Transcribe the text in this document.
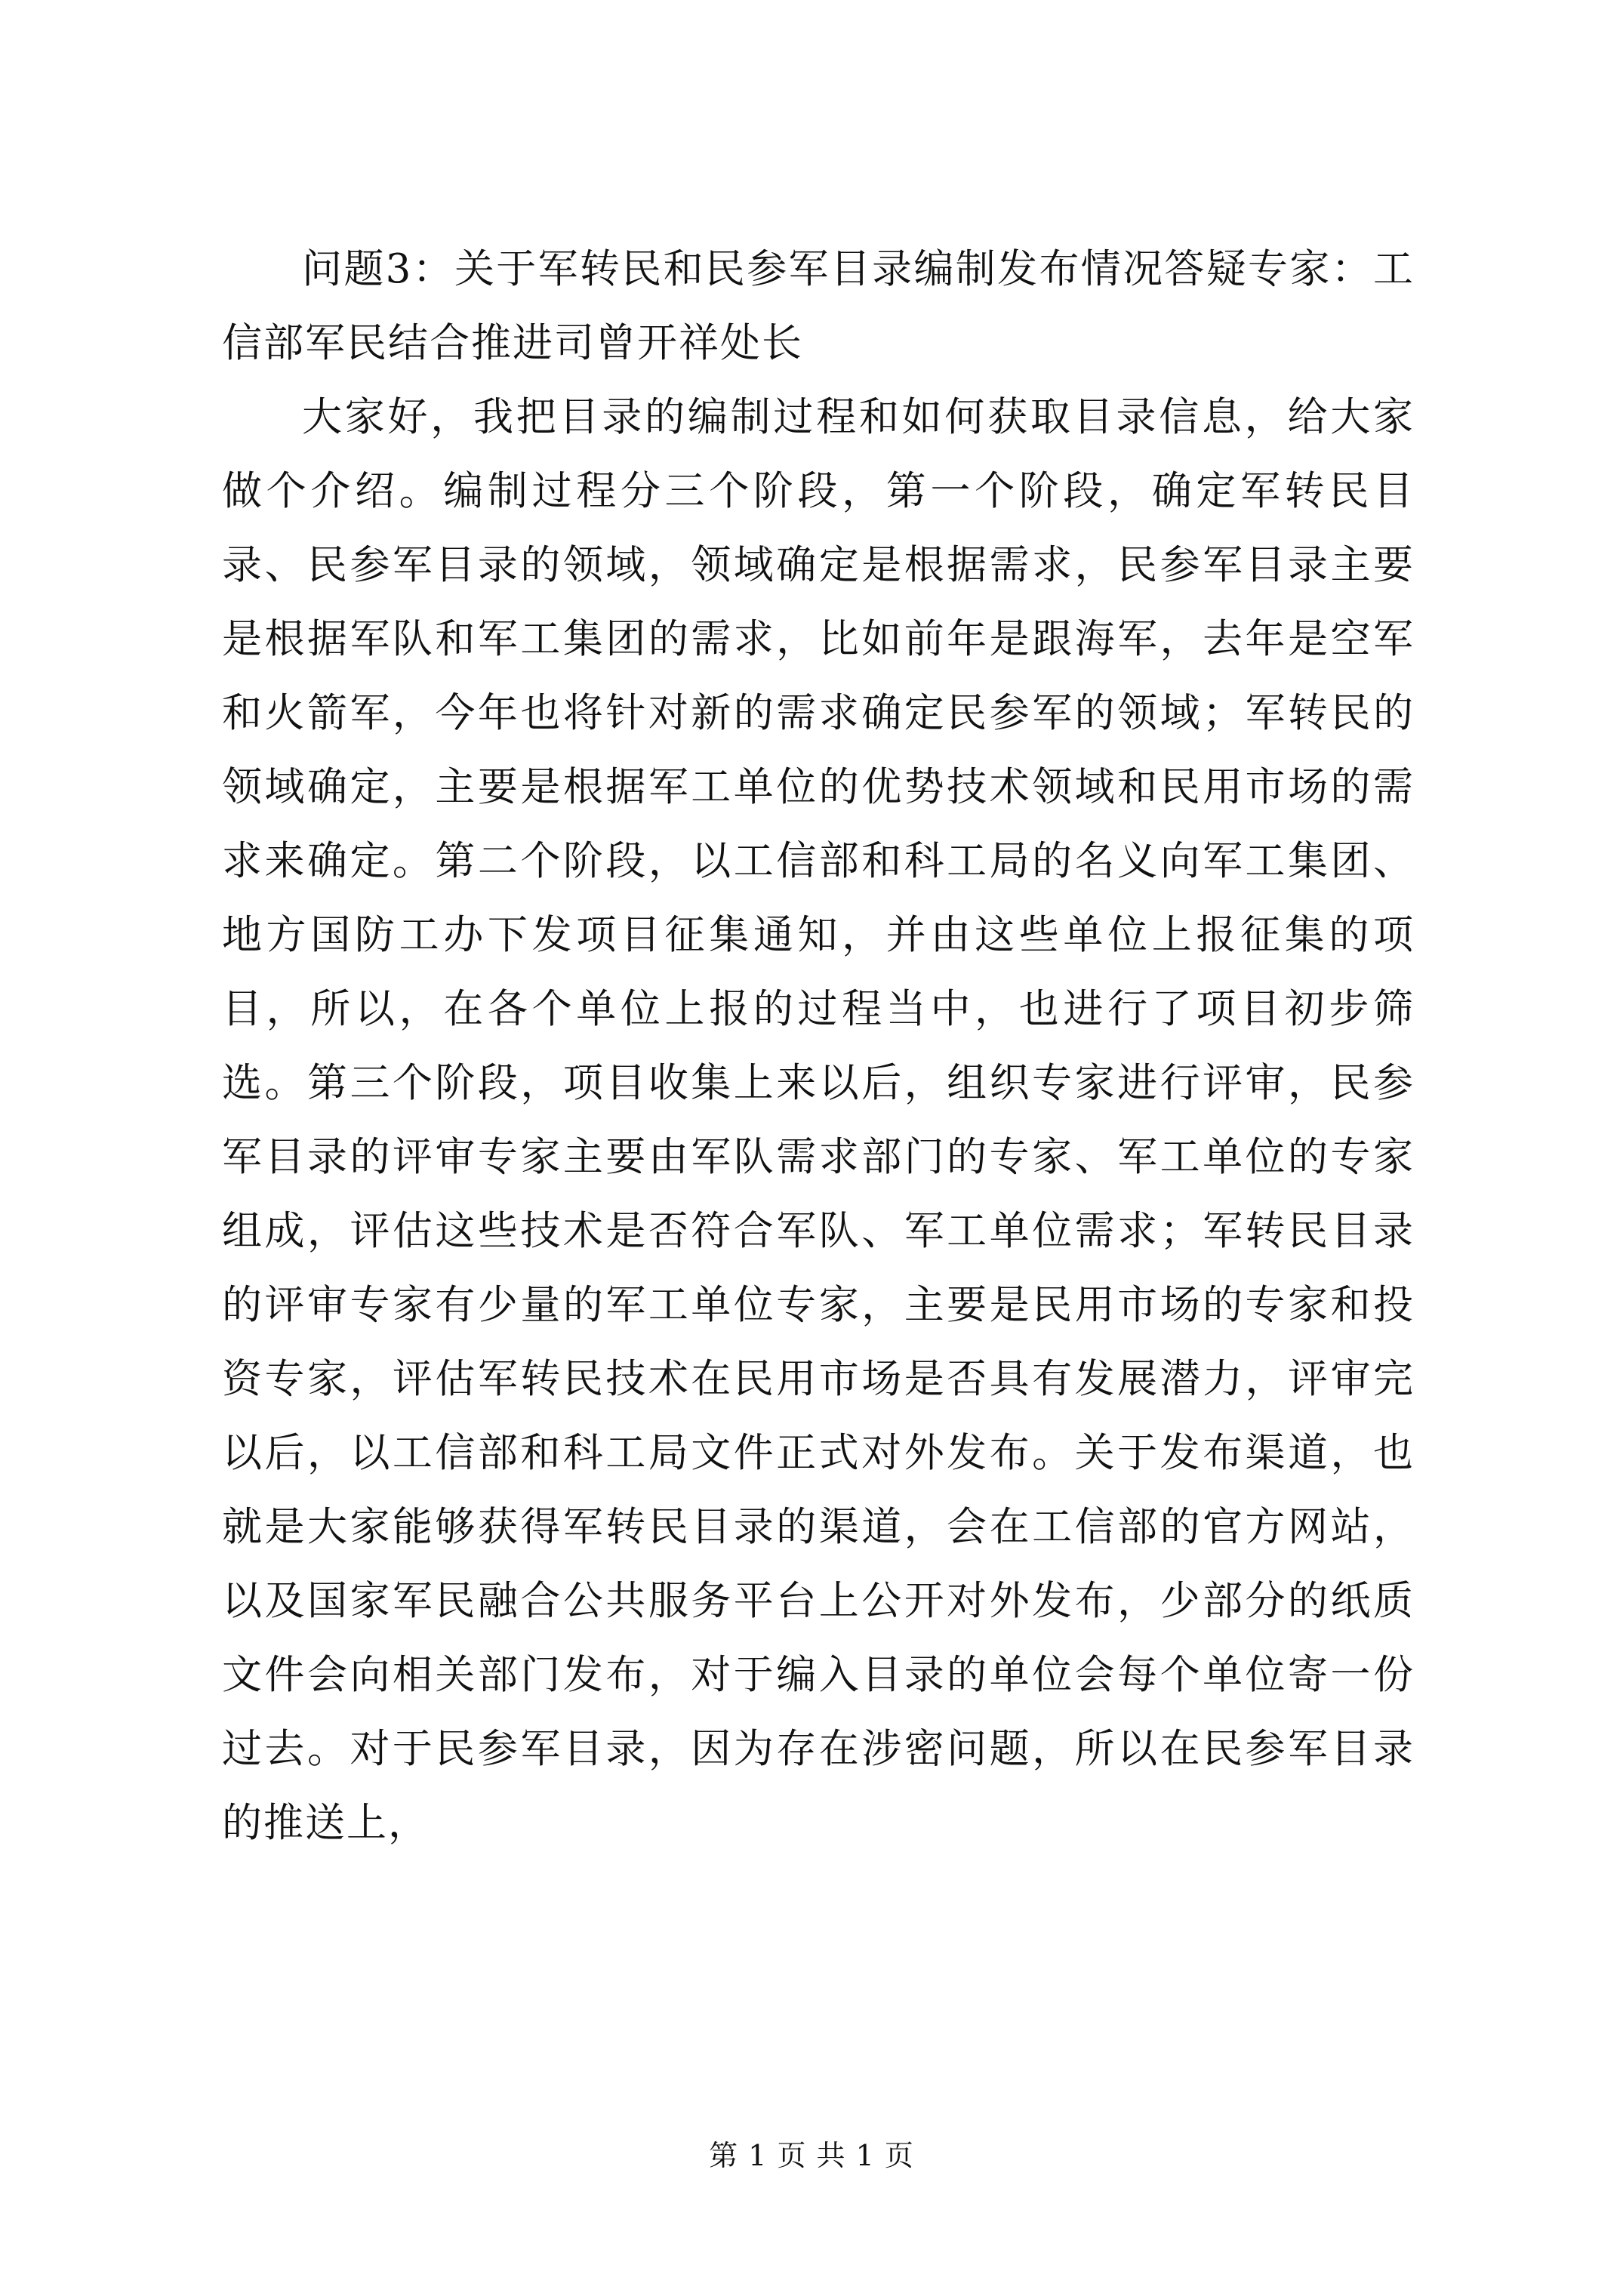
问题3：关于军转民和民参军目录编制发布情况答疑专家：工信部军民结合推进司曾开祥处长

大家好，我把目录的编制过程和如何获取目录信息，给大家做个介绍。编制过程分三个阶段，第一个阶段，确定军转民目录、民参军目录的领域，领域确定是根据需求，民参军目录主要是根据军队和军工集团的需求，比如前年是跟海军，去年是空军和火箭军，今年也将针对新的需求确定民参军的领域；军转民的领域确定，主要是根据军工单位的优势技术领域和民用市场的需求来确定。第二个阶段，以工信部和科工局的名义向军工集团、地方国防工办下发项目征集通知，并由这些单位上报征集的项目，所以，在各个单位上报的过程当中，也进行了项目初步筛选。第三个阶段，项目收集上来以后，组织专家进行评审，民参军目录的评审专家主要由军队需求部门的专家、军工单位的专家组成，评估这些技术是否符合军队、军工单位需求；军转民目录的评审专家有少量的军工单位专家，主要是民用市场的专家和投资专家，评估军转民技术在民用市场是否具有发展潜力，评审完以后，以工信部和科工局文件正式对外发布。关于发布渠道，也就是大家能够获得军转民目录的渠道，会在工信部的官方网站，以及国家军民融合公共服务平台上公开对外发布，少部分的纸质文件会向相关部门发布，对于编入目录的单位会每个单位寄一份过去。对于民参军目录，因为存在涉密问题，所以在民参军目录的推送上，

第 1 页 共 1 页
